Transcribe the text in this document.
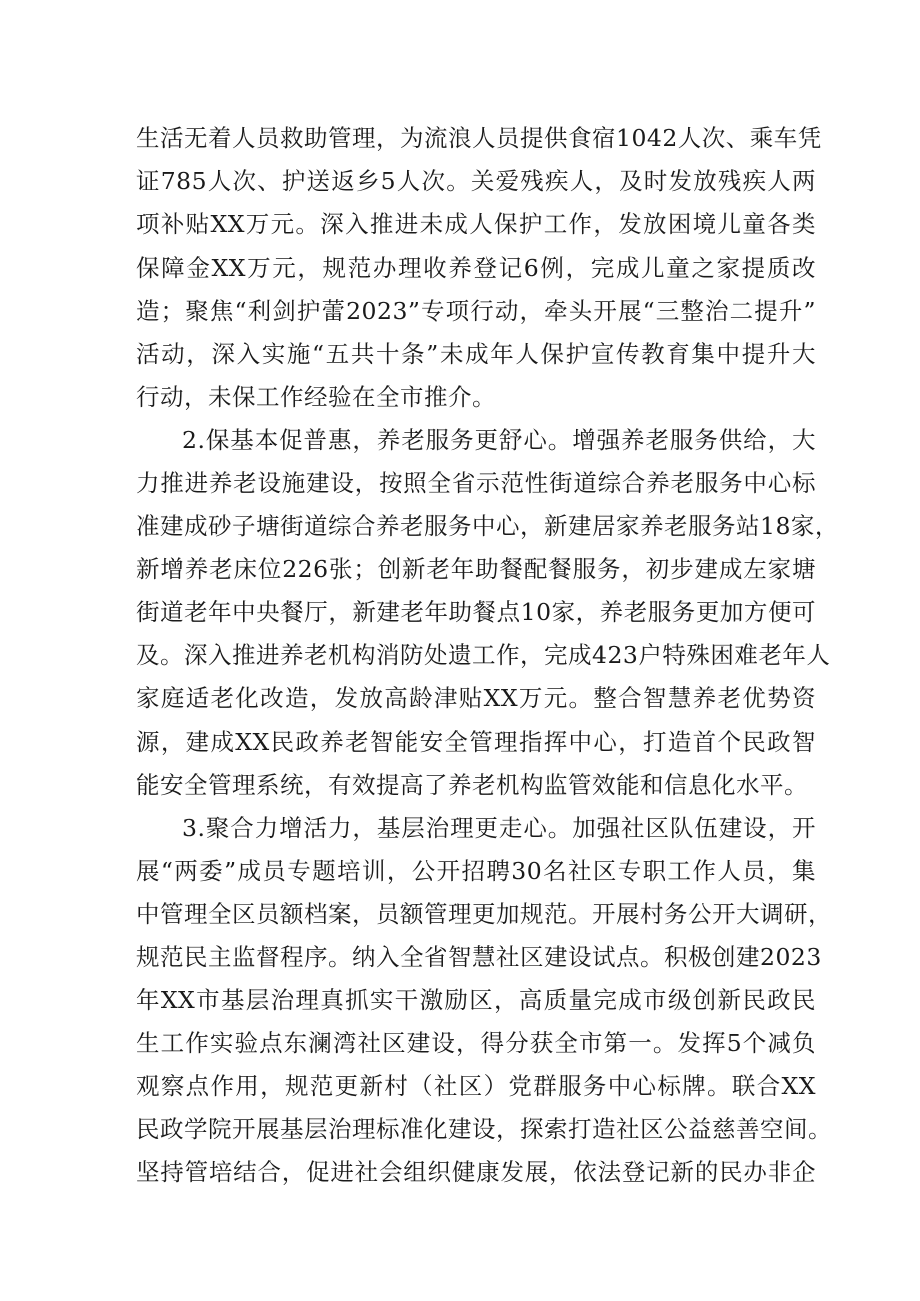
生活无着人员救助管理，为流浪人员提供食宿1042人次、乘车凭
证785人次、护送返乡5人次。关爱残疾人，及时发放残疾人两
项补贴XX万元。深入推进未成人保护工作，发放困境儿童各类
保障金XX万元，规范办理收养登记6例，完成儿童之家提质改
造；聚焦“利剑护蕾2023”专项行动，牵头开展“三整治二提升”
活动，深入实施“五共十条”未成年人保护宣传教育集中提升大
行动，未保工作经验在全市推介。
2.保基本促普惠，养老服务更舒心。增强养老服务供给，大
力推进养老设施建设，按照全省示范性街道综合养老服务中心标
准建成砂子塘街道综合养老服务中心，新建居家养老服务站18家，
新增养老床位226张；创新老年助餐配餐服务，初步建成左家塘
街道老年中央餐厅，新建老年助餐点10家，养老服务更加方便可
及。深入推进养老机构消防处遗工作，完成423户特殊困难老年人
家庭适老化改造，发放高龄津贴XX万元。整合智慧养老优势资
源，建成XX民政养老智能安全管理指挥中心，打造首个民政智
能安全管理系统，有效提高了养老机构监管效能和信息化水平。
3.聚合力增活力，基层治理更走心。加强社区队伍建设，开
展“两委”成员专题培训，公开招聘30名社区专职工作人员，集
中管理全区员额档案，员额管理更加规范。开展村务公开大调研，
规范民主监督程序。纳入全省智慧社区建设试点。积极创建2023
年XX市基层治理真抓实干激励区，高质量完成市级创新民政民
生工作实验点东澜湾社区建设，得分获全市第一。发挥5个减负
观察点作用，规范更新村（社区）党群服务中心标牌。联合XX
民政学院开展基层治理标准化建设，探索打造社区公益慈善空间。
坚持管培结合，促进社会组织健康发展，依法登记新的民办非企
